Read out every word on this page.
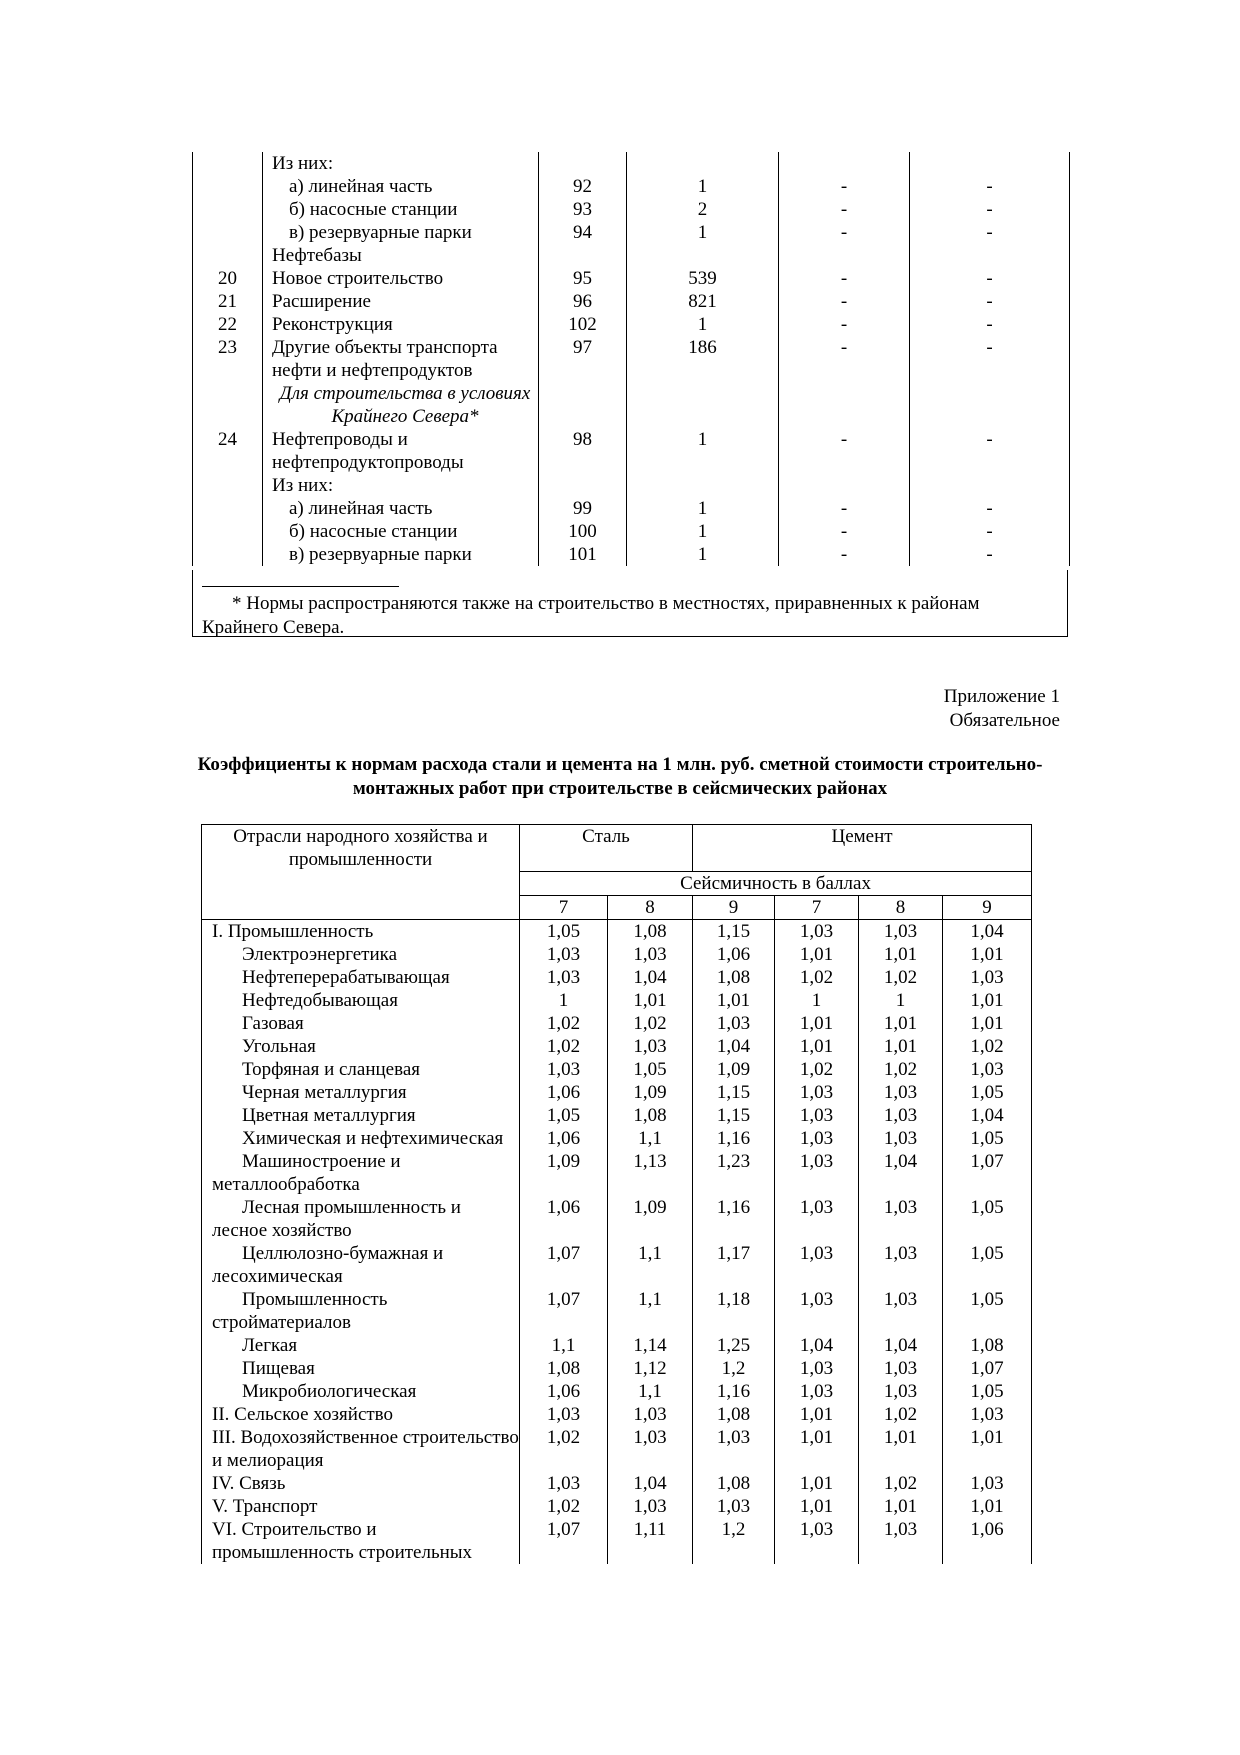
	Из них:				
	а) линейная часть	92	1	-	-
	б) насосные станции	93	2	-	-
	в) резервуарные парки	94	1	-	-
	Нефтебазы				
20	Новое строительство	95	539	-	-
21	Расширение	96	821	-	-
22	Реконструкция	102	1	-	-
23	Другие объекты транспорта нефти и нефтепродуктов	97	186	-	-

	Для строительства в условиях Крайнего Севера*				

24	Нефтепроводы и нефтепродуктопроводы	98	1	-	-
	Из них:				
	а) линейная часть	99	1	-	-
	б) насосные станции	100	1	-	-
	в) резервуарные парки	101	1	-	-
* Нормы распространяются также на строительство в местностях, приравненных к районам Крайнего Севера.
Приложение 1
Обязательное
Коэффициенты к нормам расхода стали и цемента на 1 млн. руб. сметной стоимости строительно-монтажных работ при строительстве в сейсмических районах
Отрасли народного хозяйства и промышленности	Сталь		Цемент			
	Сейсмичность в баллах					
	7	8	9	7	8	9
I. Промышленность	1,05	1,08	1,15	1,03	1,03	1,04

Электроэнергетика	1,03	1,03	1,06	1,01	1,01	1,01

Нефтеперерабатывающая	1,03	1,04	1,08	1,02	1,02	1,03

Нефтедобывающая	1	1,01	1,01	1	1	1,01

Газовая	1,02	1,02	1,03	1,01	1,01	1,01

Угольная	1,02	1,03	1,04	1,01	1,01	1,02

Торфяная и сланцевая	1,03	1,05	1,09	1,02	1,02	1,03

Черная металлургия	1,06	1,09	1,15	1,03	1,03	1,05

Цветная металлургия	1,05	1,08	1,15	1,03	1,03	1,04

Химическая и нефтехимическая	1,06	1,1	1,16	1,03	1,03	1,05

Машиностроение и металлообработка	1,09	1,13	1,23	1,03	1,04	1,07

Лесная промышленность и лесное хозяйство	1,06	1,09	1,16	1,03	1,03	1,05

Целлюлозно-бумажная и лесохимическая	1,07	1,1	1,17	1,03	1,03	1,05

Промышленность стройматериалов	1,07	1,1	1,18	1,03	1,03	1,05

Легкая	1,1	1,14	1,25	1,04	1,04	1,08

Пищевая	1,08	1,12	1,2	1,03	1,03	1,07

Микробиологическая	1,06	1,1	1,16	1,03	1,03	1,05
II. Сельское хозяйство	1,03	1,03	1,08	1,01	1,02	1,03
III. Водохозяйственное строительство и мелиорация	1,02	1,03	1,03	1,01	1,01	1,01
IV. Связь	1,03	1,04	1,08	1,01	1,02	1,03
V. Транспорт	1,02	1,03	1,03	1,01	1,01	1,01
VI. Строительство и промышленность строительных	1,07	1,11	1,2	1,03	1,03	1,06
